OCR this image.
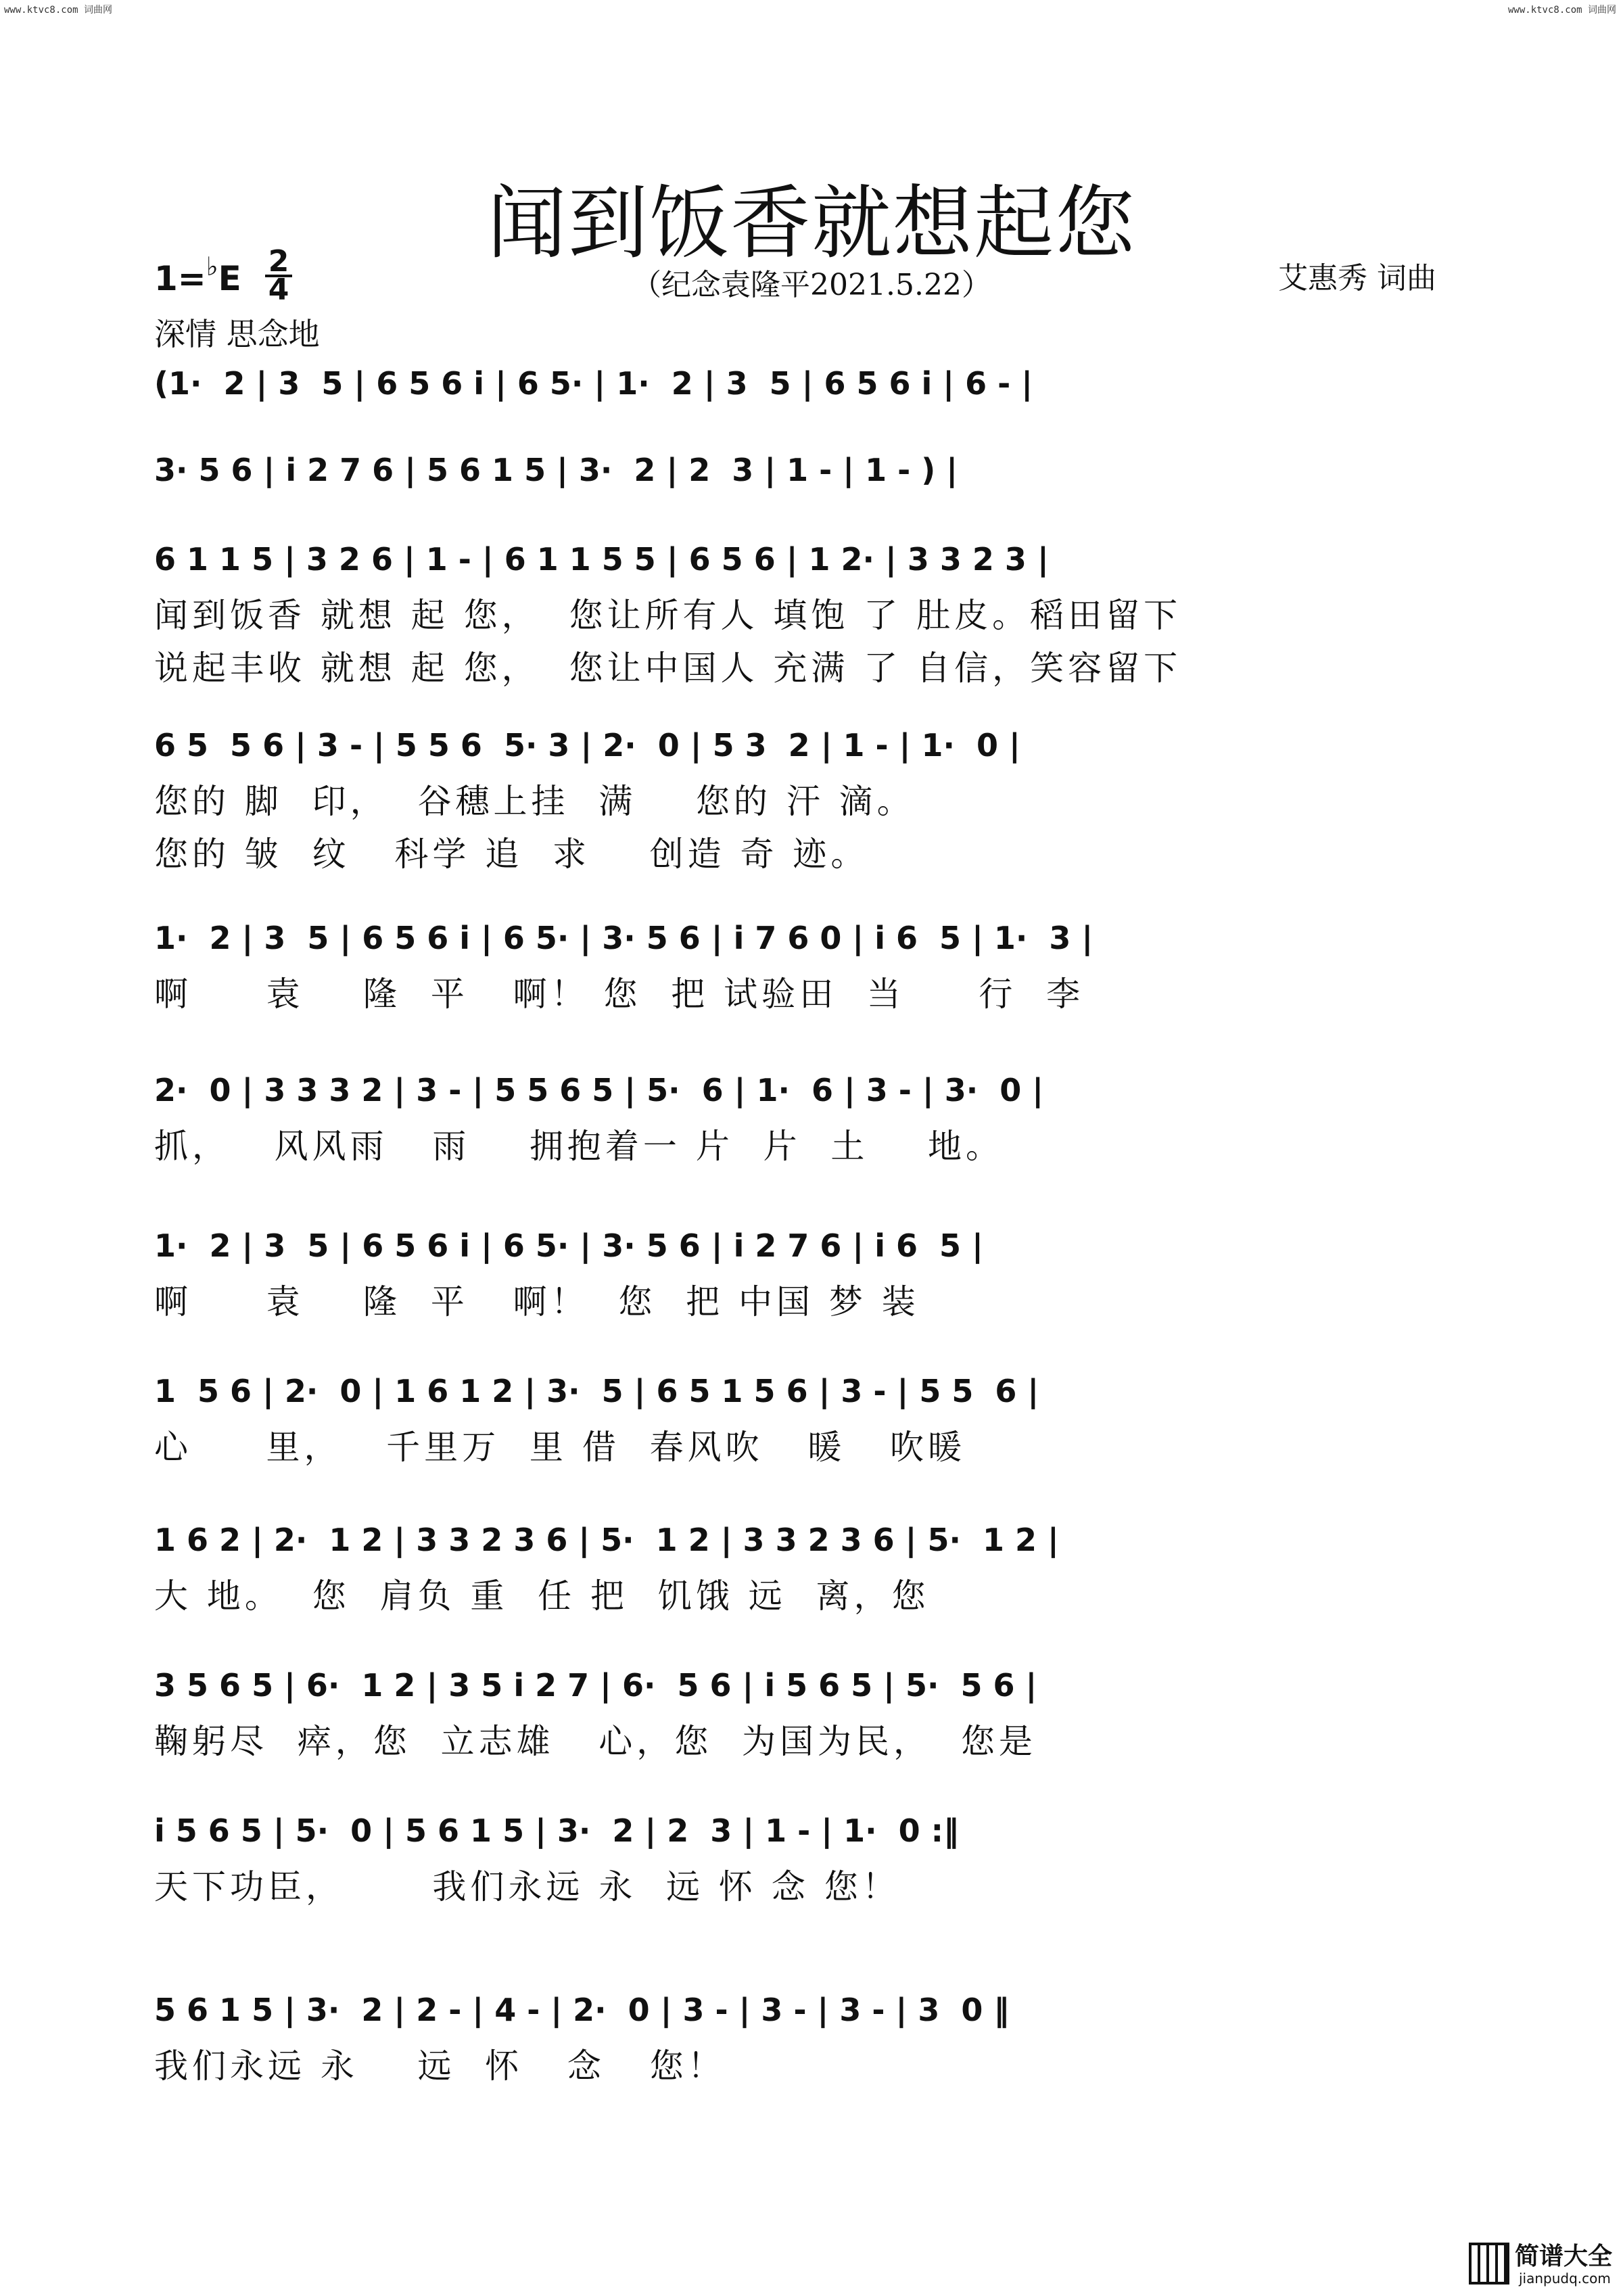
www.ktvc8.com 词曲网	www.ktvc8.com 词曲网
闻到饭香就想起您
1=♭E 2
4	（纪念袁隆平2021.5.22）	艾惠秀 词曲
深情 思念地
(1·  2 | 3  5 | 6 5 6 i | 6 5· | 1·  2 | 3  5 | 6 5 6 i | 6 - |
3· 5 6 | i 2 7 6 | 5 6 1 5 | 3·  2 | 2  3 | 1 - | 1 - ) |
6 1 1 5 | 3 2 6 | 1 - | 6 1 1 5 5 | 6 5 6 | 1 2· | 3 3 2 3 |
闻到饭香 就想 起 您，  您让所有人 填饱 了 肚皮。稻田留下
说起丰收 就想 起 您，  您让中国人 充满 了 自信，笑容留下
6 5  5 6 | 3 - | 5 5 6  5· 3 | 2·  0 | 5 3  2 | 1 - | 1·  0 |
您的 脚  印，  谷穗上挂  满    您的 汗 滴。
您的 皱  纹   科学 追  求    创造 奇 迹。
1·  2 | 3  5 | 6 5 6 i | 6 5· | 3· 5 6 | i 7 6 0 | i 6  5 | 1·  3 |
啊     袁    隆  平   啊！ 您  把 试验田  当     行  李
2·  0 | 3 3 3 2 | 3 - | 5 5 6 5 | 5·  6 | 1·  6 | 3 - | 3·  0 |
抓，   风风雨   雨    拥抱着一 片  片  土    地。
1·  2 | 3  5 | 6 5 6 i | 6 5· | 3· 5 6 | i 2 7 6 | i 6  5 |
啊     袁    隆  平   啊！  您  把 中国 梦 装
1  5 6 | 2·  0 | 1 6 1 2 | 3·  5 | 6 5 1 5 6 | 3 - | 5 5  6 |
心     里，   千里万  里 借  春风吹   暖   吹暖
1 6 2 | 2·  1 2 | 3 3 2 3 6 | 5·  1 2 | 3 3 2 3 6 | 5·  1 2 |
大 地。  您  肩负 重  任 把  饥饿 远  离，您
3 5 6 5 | 6·  1 2 | 3 5 i 2 7 | 6·  5 6 | i 5 6 5 | 5·  5 6 |
鞠躬尽  瘁，您  立志雄   心，您  为国为民，  您是
i 5 6 5 | 5·  0 | 5 6 1 5 | 3·  2 | 2  3 | 1 - | 1·  0 :‖
天下功臣，      我们永远 永  远 怀 念 您！
5 6 1 5 | 3·  2 | 2 - | 4 - | 2·  0 | 3 - | 3 - | 3 - | 3  0 ‖
我们永远 永    远  怀   念   您！
简谱大全
jianpudq.com
